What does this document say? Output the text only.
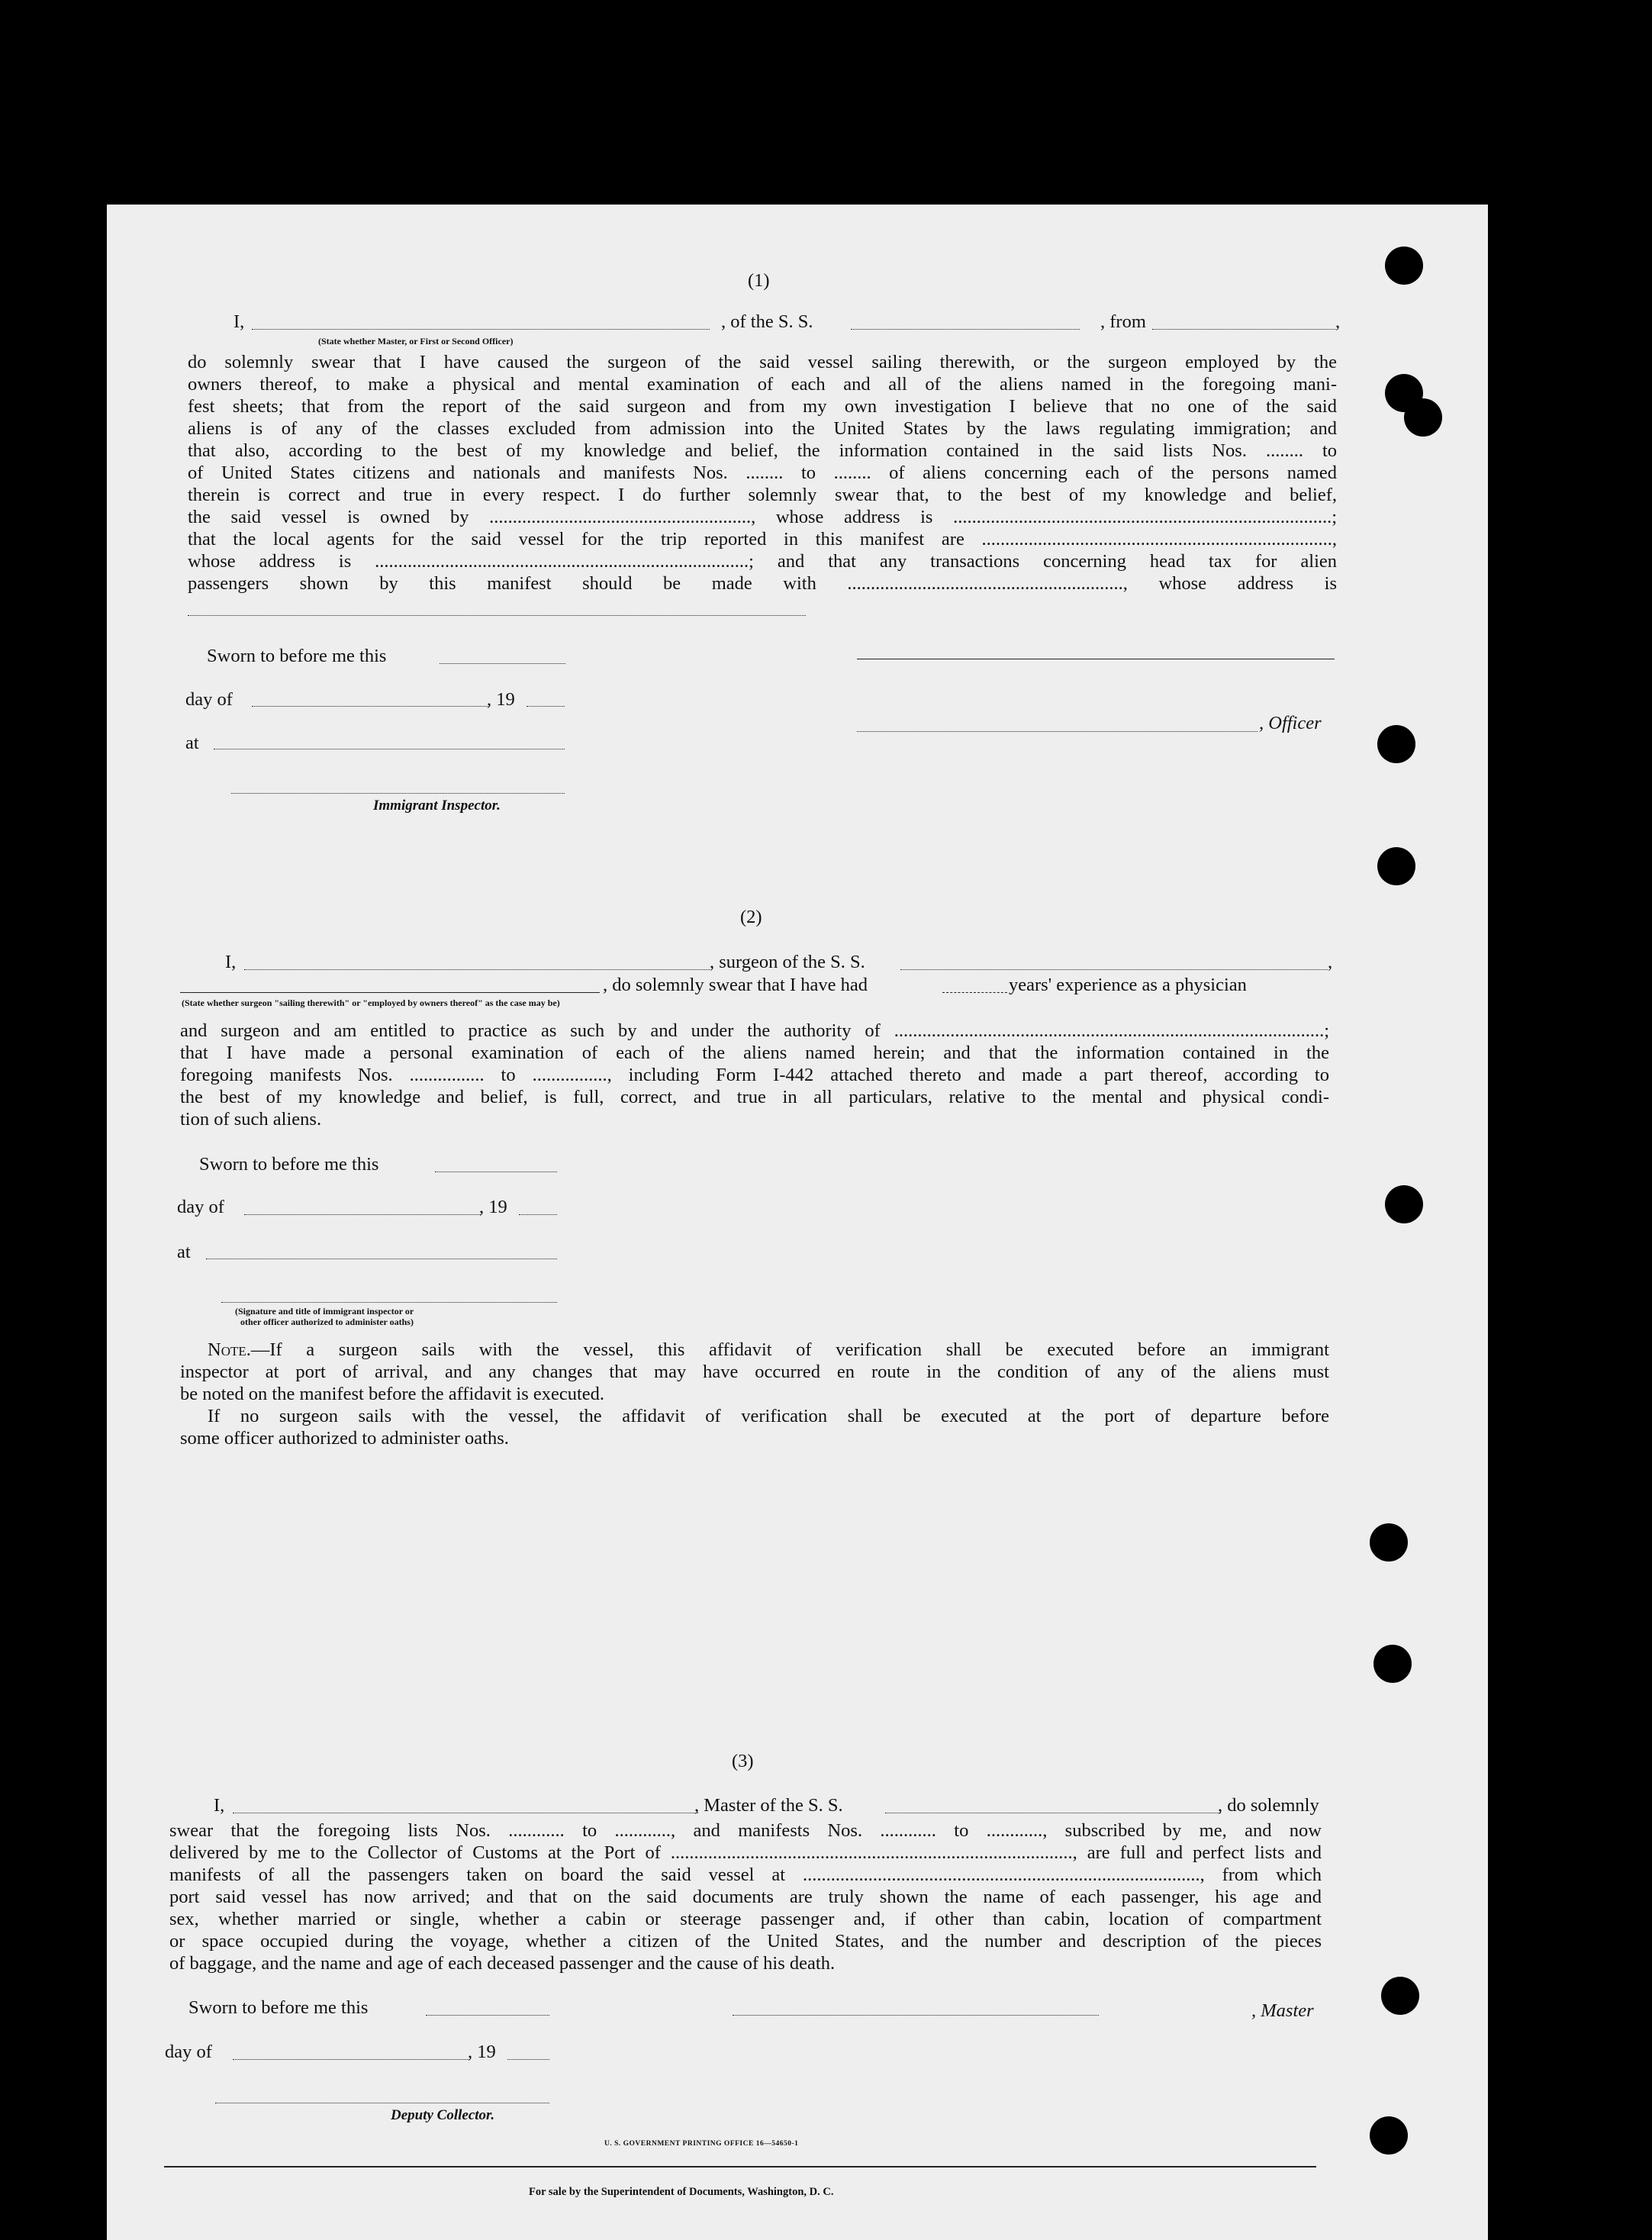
(1)
I,	, of the S. S.	, from	,
(State whether Master, or First or Second Officer)
do solemnly swear that I have caused the surgeon of the said vessel sailing therewith, or the surgeon employed by the
owners thereof, to make a physical and mental examination of each and all of the aliens named in the foregoing mani-
fest sheets; that from the report of the said surgeon and from my own investigation I believe that no one of the said
aliens is of any of the classes excluded from admission into the United States by the laws regulating immigration; and
that also, according to the best of my knowledge and belief, the information contained in the said lists Nos. ........ to
of United States citizens and nationals and manifests Nos. ........ to ........ of aliens concerning each of the persons named
therein is correct and true in every respect. I do further solemnly swear that, to the best of my knowledge and belief,
the said vessel is owned by ........................................................, whose address is .................................................................................;
that the local agents for the said vessel for the trip reported in this manifest are ...........................................................................,
whose address is ................................................................................; and that any transactions concerning head tax for alien
passengers shown by this manifest should be made with ..........................................................., whose address is
Sworn to before me this
day of	, 19
, Officer
at
Immigrant Inspector.
(2)
I,	, surgeon of the S. S.	,
, do solemnly swear that I have had	years' experience as a physician
(State whether surgeon "sailing therewith" or "employed by owners thereof" as the case may be)
and surgeon and am entitled to practice as such by and under the authority of ............................................................................................;
that I have made a personal examination of each of the aliens named herein; and that the information contained in the
foregoing manifests Nos. ................ to ................, including Form I-442 attached thereto and made a part thereof, according to
the best of my knowledge and belief, is full, correct, and true in all particulars, relative to the mental and physical condi-
tion of such aliens.
Sworn to before me this
day of	, 19
at
(Signature and title of immigrant inspector or
other officer authorized to administer oaths)
Note.—If a surgeon sails with the vessel, this affidavit of verification shall be executed before an immigrant
inspector at port of arrival, and any changes that may have occurred en route in the condition of any of the aliens must
be noted on the manifest before the affidavit is executed.
If no surgeon sails with the vessel, the affidavit of verification shall be executed at the port of departure before
some officer authorized to administer oaths.
(3)
I,	, Master of the S. S.	, do solemnly
swear that the foregoing lists Nos. ............ to ............, and manifests Nos. ............ to ............, subscribed by me, and now
delivered by me to the Collector of Customs at the Port of ......................................................................................, are full and perfect lists and
manifests of all the passengers taken on board the said vessel at ....................................................................................., from which
port said vessel has now arrived; and that on the said documents are truly shown the name of each passenger, his age and
sex, whether married or single, whether a cabin or steerage passenger and, if other than cabin, location of compartment
or space occupied during the voyage, whether a citizen of the United States, and the number and description of the pieces
of baggage, and the name and age of each deceased passenger and the cause of his death.
Sworn to before me this	, Master
day of	, 19
Deputy Collector.
U. S. GOVERNMENT PRINTING OFFICE 16—54650-1
For sale by the Superintendent of Documents, Washington, D. C.
